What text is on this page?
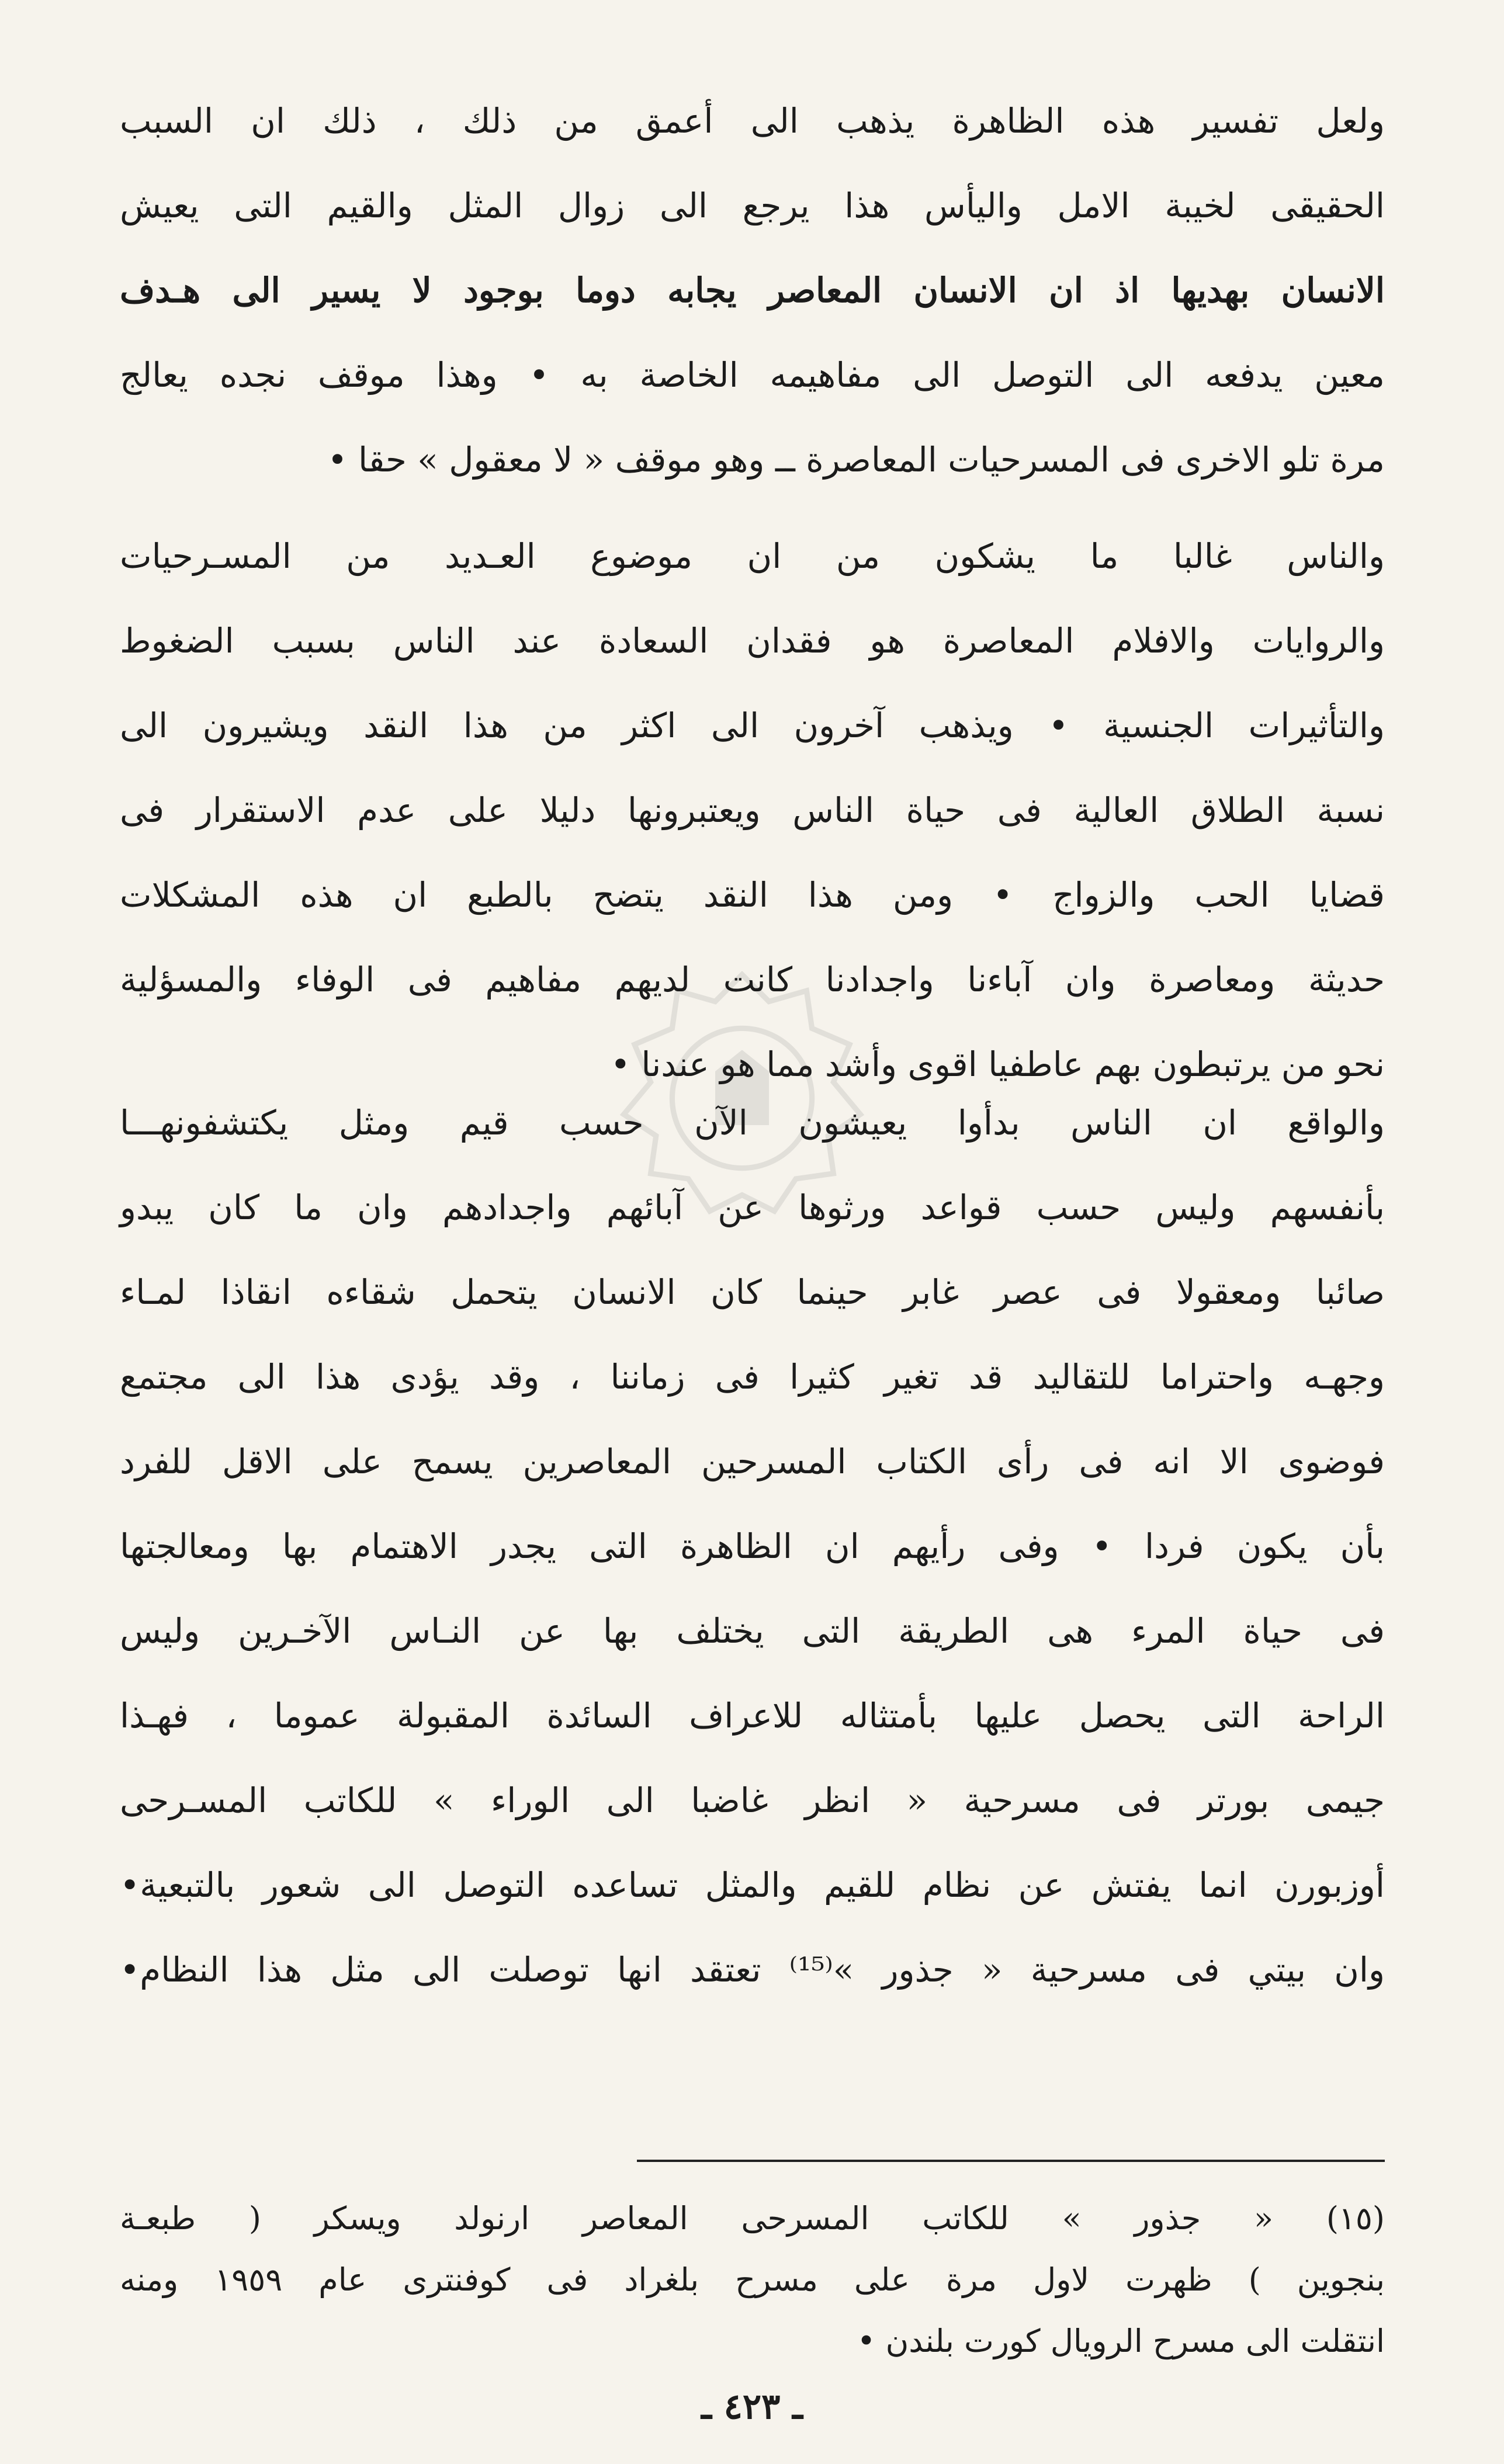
ولعل تفسير هذه الظاهرة يذهب الى أعمق من ذلك ، ذلك ان السبب
الحقيقى لخيبة الامل واليأس هذا يرجع الى زوال المثل والقيم التى يعيش
الانسان بهديها اذ ان الانسان المعاصر يجابه دوما بوجود لا يسير الى هـدف
معين يدفعه الى التوصل الى مفاهيمه الخاصة به • وهذا موقف نجده يعالج
مرة تلو الاخرى فى المسرحيات المعاصرة ــ وهو موقف « لا معقول » حقا •
والناس غالبا ما يشكون من ان موضوع العـديد من المسـرحيات
والروايات والافلام المعاصرة هو فقدان السعادة عند الناس بسبب الضغوط
والتأثيرات الجنسية • ويذهب آخرون الى اكثر من هذا النقد ويشيرون الى
نسبة الطلاق العالية فى حياة الناس ويعتبرونها دليلا على عدم الاستقرار فى
قضايا الحب والزواج • ومن هذا النقد يتضح بالطبع ان هذه المشكلات
حديثة ومعاصرة وان آباءنا واجدادنا كانت لديهم مفاهيم فى الوفاء والمسؤلية
نحو من يرتبطون بهم عاطفيا اقوى وأشد مما هو عندنا •
والواقع ان الناس بدأوا يعيشون الآن حسب قيم ومثل يكتشفونهـــا
بأنفسهم وليس حسب قواعد ورثوها عن آبائهم واجدادهم وان ما كان يبدو
صائبا ومعقولا فى عصر غابر حينما كان الانسان يتحمل شقاءه انقاذا لمـاء
وجهـه واحتراما للتقاليد قد تغير كثيرا فى زماننا ، وقد يؤدى هذا الى مجتمع
فوضوى الا انه فى رأى الكتاب المسرحين المعاصرين يسمح على الاقل للفرد
بأن يكون فردا • وفى رأيهم ان الظاهرة التى يجدر الاهتمام بها ومعالجتها
فى حياة المرء هى الطريقة التى يختلف بها عن النـاس الآخـرين وليس
الراحة التى يحصل عليها بأمتثاله للاعراف السائدة المقبولة عموما ، فهـذا
جيمى بورتر فى مسرحية « انظر غاضبا الى الوراء » للكاتب المسـرحى
أوزبورن انما يفتش عن نظام للقيم والمثل تساعده التوصل الى شعور بالتبعية•
وان بيتي فى مسرحية « جذور »⁽¹⁵⁾ تعتقد انها توصلت الى مثل هذا النظام•
(١٥) « جذور » للكاتب المسرحى المعاصر ارنولد ويسكر ( طبعـة
بنجوين ) ظهرت لاول مرة على مسرح بلغراد فى كوفنترى عام ١٩٥٩ ومنه
انتقلت الى مسرح الرويال كورت بلندن •
ـ ٤٢٣ ـ
